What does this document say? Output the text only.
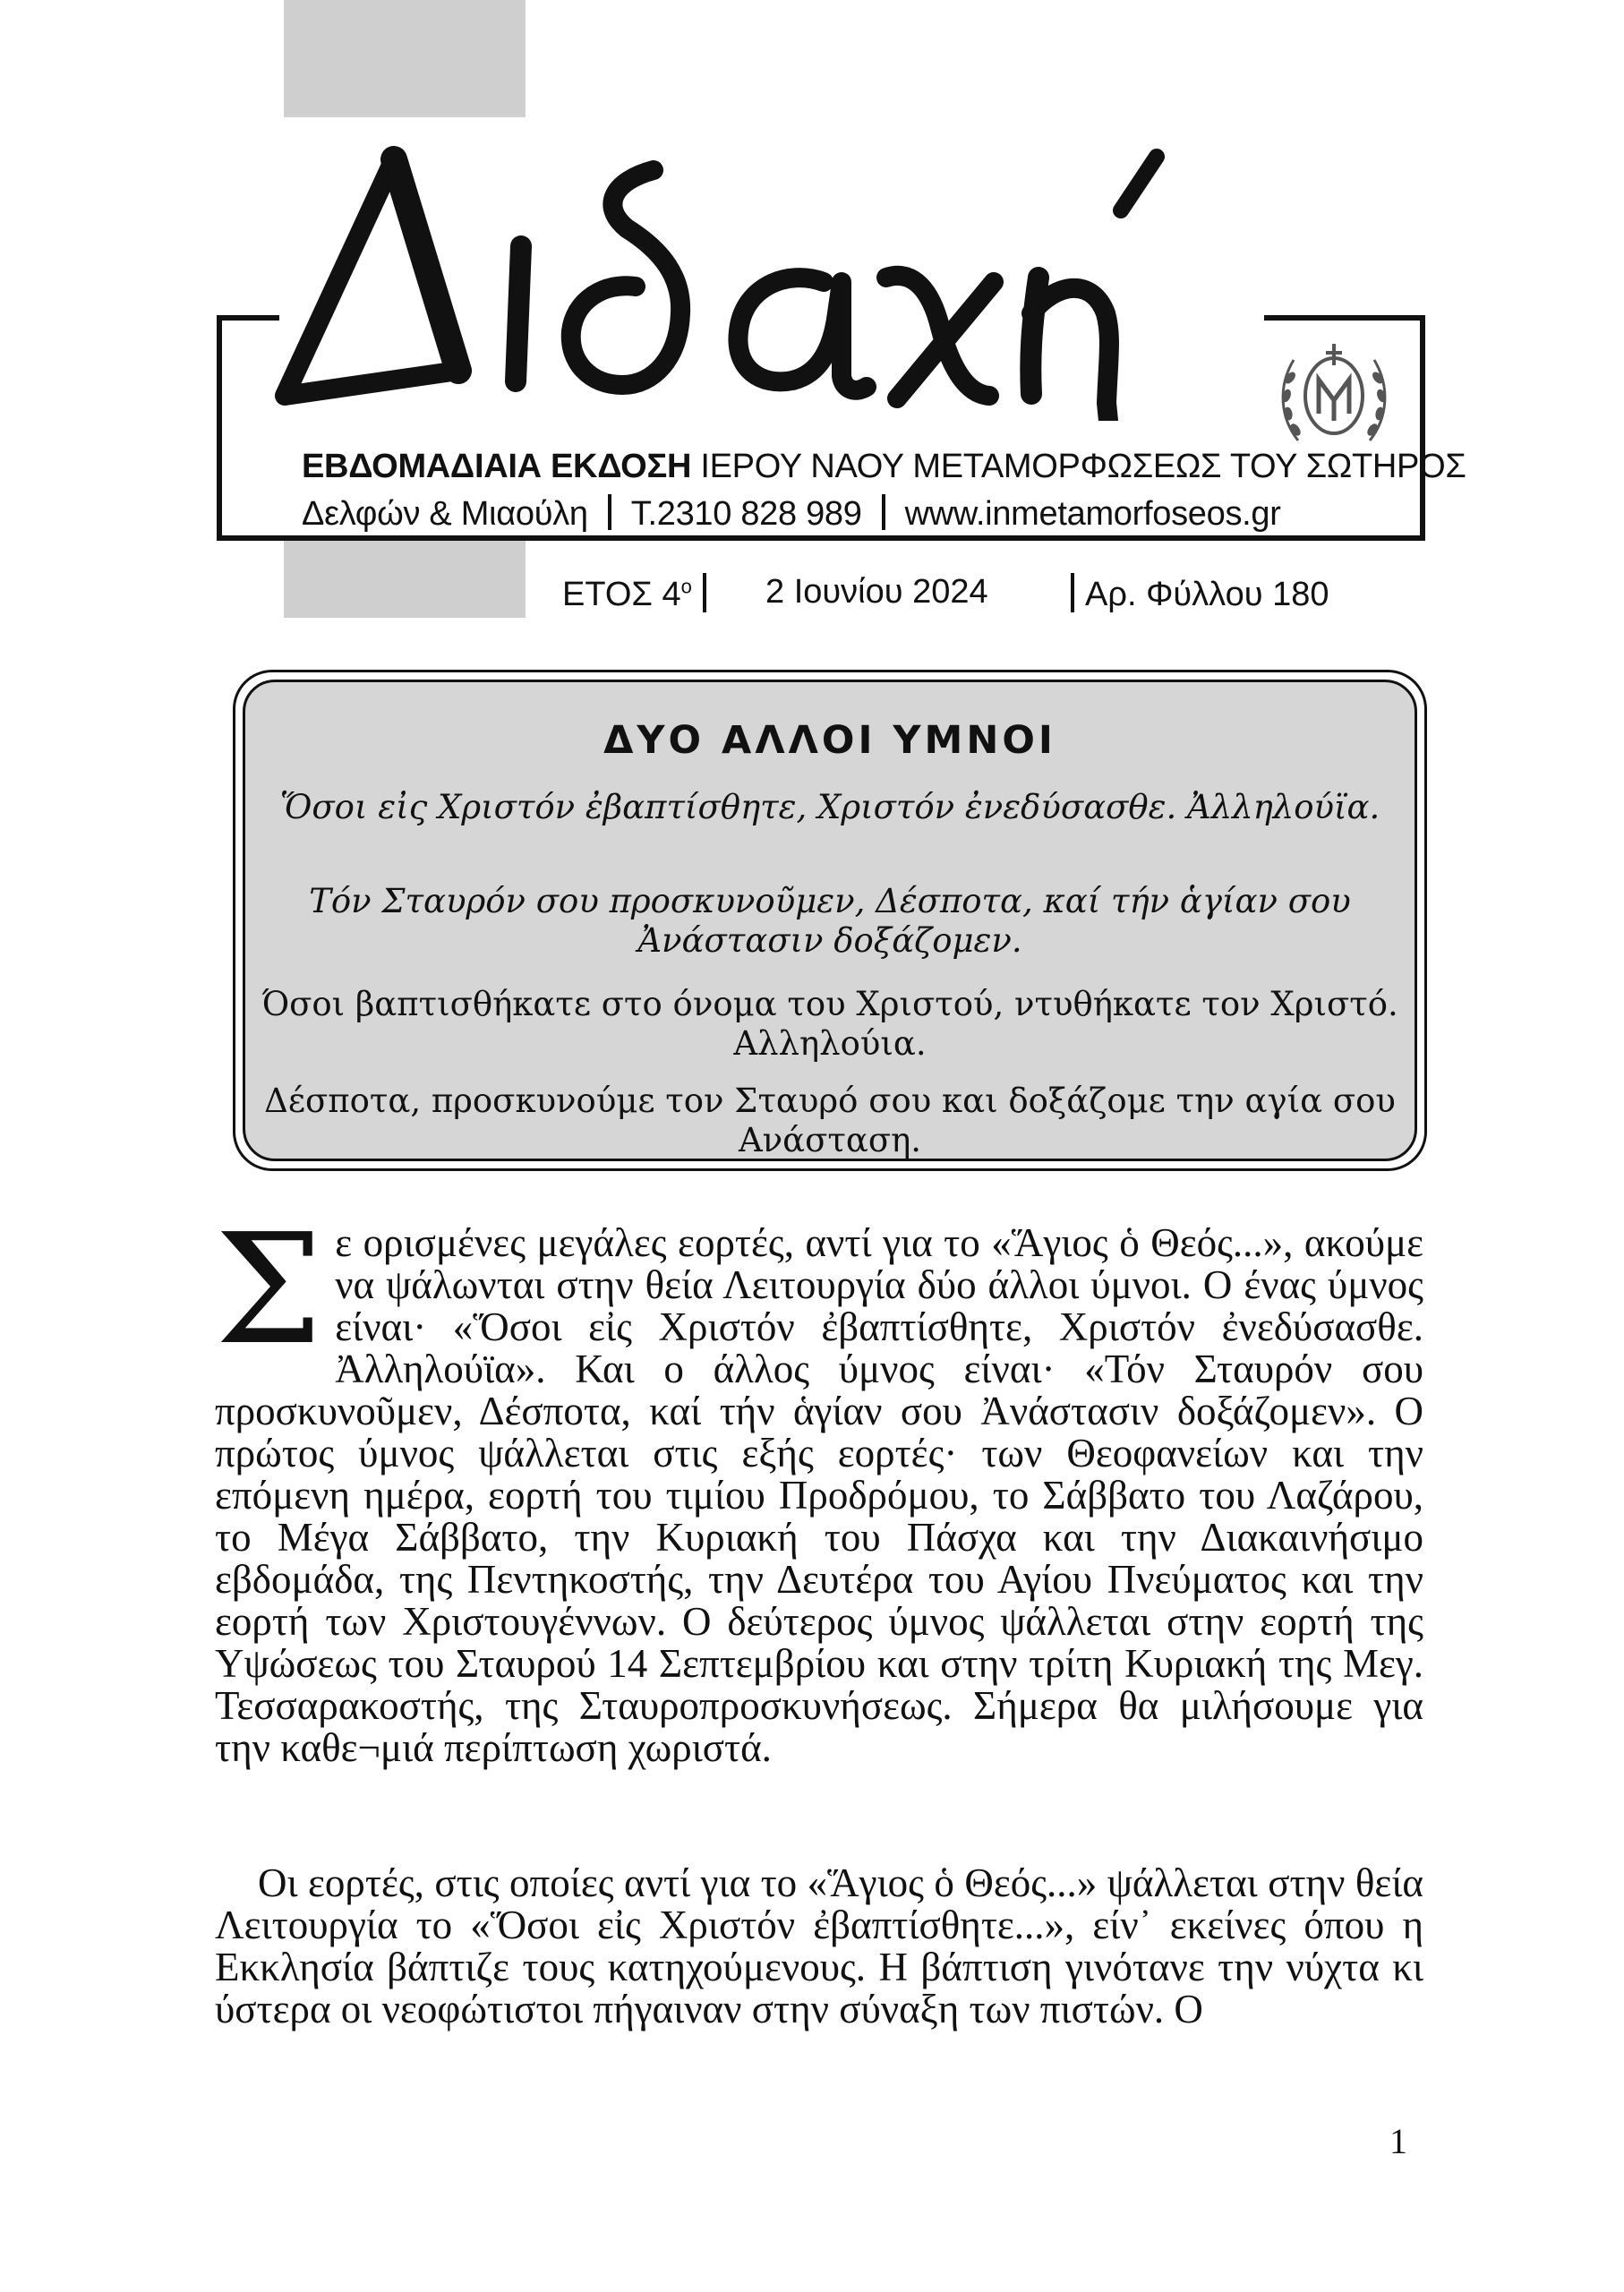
Διδαχή
ΕΒΔΟΜΑΔΙΑΙΑ ΕΚΔΟΣΗ ΙΕΡΟΥ ΝΑΟΥ ΜΕΤΑΜΟΡΦΩΣΕΩΣ ΤΟΥ ΣΩΤΗΡΟΣ
Δελφών & Μιαούλη Τ.2310 828 989 www.inmetamorfoseos.gr
ΕΤΟΣ $4^o$	2 Ιουνίου 2024	Αρ. Φύλλου 180
ΔΥΟ ΑΛΛΟΙ ΥΜΝΟΙ
Ὅσοι εἰς Χριστόν ἐβαπτίσθητε, Χριστόν ἐνεδύσασθε. Ἀλληλούϊα.
Τόν Σταυρόν σου προσκυνοῦμεν, Δέσποτα, καί τήν ἁγίαν σου Ἀνάστασιν δοξάζομεν.
Όσοι βαπτισθήκατε στο όνομα του Χριστού, ντυθήκατε τον Χριστό. Αλληλούια.
Δέσποτα, προσκυνούμε τον Σταυρό σου και δοξάζομε την αγία σου Ανάσταση.
Σε ορισμένες μεγάλες εορτές, αντί για το «Ἅγιος ὁ Θεός...», ακούμε να ψάλωνται στην θεία Λειτουργία δύο άλλοι ύμνοι. Ο ένας ύμνος είναι· «Ὅσοι εἰς Χριστόν ἐβαπτίσθητε, Χριστόν ἐνεδύσασθε. Ἀλληλούϊα». Και ο άλλος ύμνος είναι· «Τόν Σταυρόν σου προσκυνοῦμεν, Δέσποτα, καί τήν ἁγίαν σου Ἀνάστασιν δοξάζομεν». Ο πρώτος ύμνος ψάλλεται στις εξής εορτές· των Θεοφανείων και την επόμενη ημέρα, εορτή του τιμίου Προδρόμου, το Σάββατο του Λαζάρου, το Μέγα Σάββατο, την Κυριακή του Πάσχα και την Διακαινήσιμο εβδομάδα, της Πεντηκοστής, την Δευτέρα του Αγίου Πνεύματος και την εορτή των Χριστουγέννων. Ο δεύτερος ύμνος ψάλλεται στην εορτή της Υψώσεως του Σταυρού 14 Σεπτεμβρίου και στην τρίτη Κυριακή της Μεγ. Τεσσαρακοστής, της Σταυροπροσκυνήσεως. Σήμερα θα μιλήσουμε για την καθε¬μιά περίπτωση χωριστά.
Οι εορτές, στις οποίες αντί για το «Ἅγιος ὁ Θεός...» ψάλλεται στην θεία Λειτουργία το «Ὅσοι εἰς Χριστόν ἐβαπτίσθητε...», είν᾽ εκείνες όπου η Εκκλησία βάπτιζε τους κατηχούμενους. Η βάπτιση γινότανε την νύχτα κι ύστερα οι νεοφώτιστοι πήγαιναν στην σύναξη των πιστών. Ο
1
